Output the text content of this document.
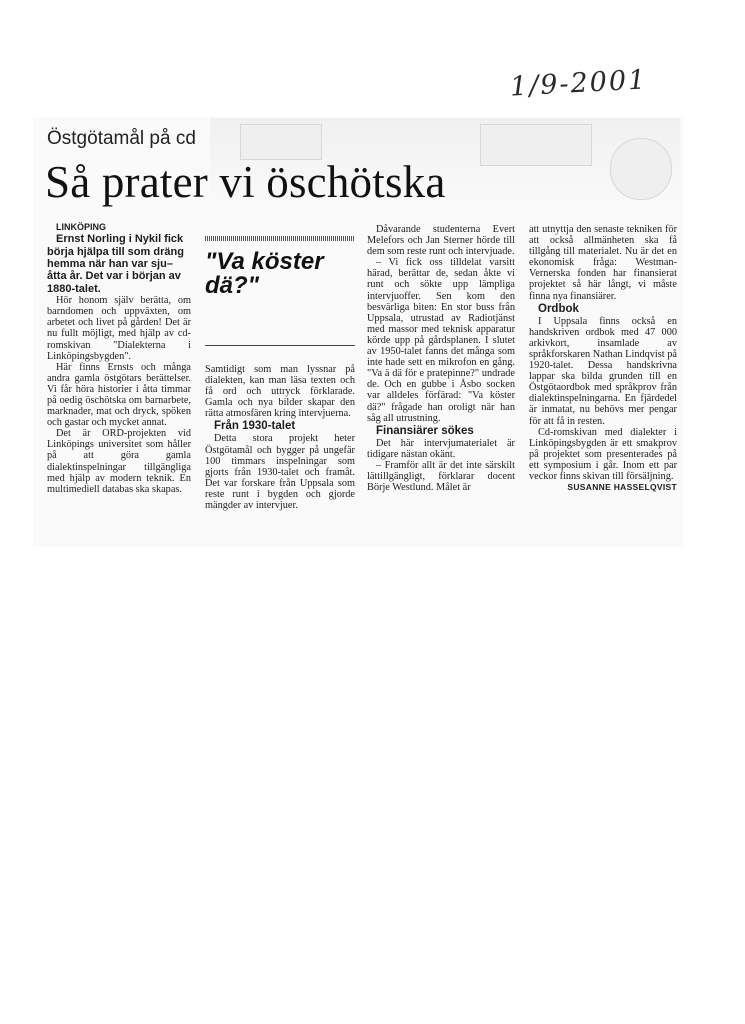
1/9-2001
Östgötamål på cd
Så prater vi öschötska

LINKÖPING

Ernst Norling i Nykil fick börja hjälpa till som dräng hemma när han var sju–åtta år. Det var i början av 1880-talet.

Hör honom själv berätta, om barndomen och uppväxten, om arbetet och livet på gården! Det är nu fullt möjligt, med hjälp av cd-romskivan "Dialekterna i Linköpingsbygden".

Här finns Ernsts och många andra gamla östgötars berättelser. Vi får höra historier i åtta timmar på oedig öschötska om barnarbete, marknader, mat och dryck, spöken och gastar och mycket annat.

Det är ORD-projekten vid Linköpings universitet som håller på att göra gamla dialektinspelningar tillgängliga med hjälp av modern teknik. En multimediell databas ska skapas.

"Va köster dä?"

Samtidigt som man lyssnar på dialekten, kan man läsa texten och få ord och uttryck förklarade. Gamla och nya bilder skapar den rätta atmosfären kring intervjuerna.

Från 1930-talet

Detta stora projekt heter Östgötamål och bygger på ungefär 100 timmars inspelningar som gjorts från 1930-talet och framåt. Det var forskare från Uppsala som reste runt i bygden och gjorde mängder av intervjuer.

Dåvarande studenterna Evert Melefors och Jan Sterner hörde till dem som reste runt och intervjuade.

– Vi fick oss tilldelat varsitt härad, berättar de, sedan åkte vi runt och sökte upp lämpliga intervjuoffer. Sen kom den besvärliga biten: En stor buss från Uppsala, utrustad av Radiotjänst med massor med teknisk apparatur körde upp på gårdsplanen. I slutet av 1950-talet fanns det många som inte hade sett en mikrofon en gång. "Va ä dä för e pratepinne?" undrade de. Och en gubbe i Åsbo socken var alldeles förfärad: "Va köster dä?" frågade han oroligt när han såg all utrustning.

Finansiärer sökes

Det här intervjumaterialet är tidigare nästan okänt.

– Framför allt är det inte särskilt lättillgängligt, förklarar docent Börje Westlund. Målet är

att utnyttja den senaste tekniken för att också allmänheten ska få tillgång till materialet. Nu är det en ekonomisk fråga: Westman-Vernerska fonden har finansierat projektet så här långt, vi måste finna nya finansiärer.

Ordbok

I Uppsala finns också en handskriven ordbok med 47 000 arkivkort, insamlade av språkforskaren Nathan Lindqvist på 1920-talet. Dessa handskrivna lappar ska bilda grunden till en Östgötaordbok med språkprov från dialektinspelningarna. En fjärdedel är inmatat, nu behövs mer pengar för att få in resten.

Cd-romskivan med dialekter i Linköpingsbygden är ett smakprov på projektet som presenterades på ett symposium i går. Inom ett par veckor finns skivan till försäljning.

SUSANNE HASSELQVIST
